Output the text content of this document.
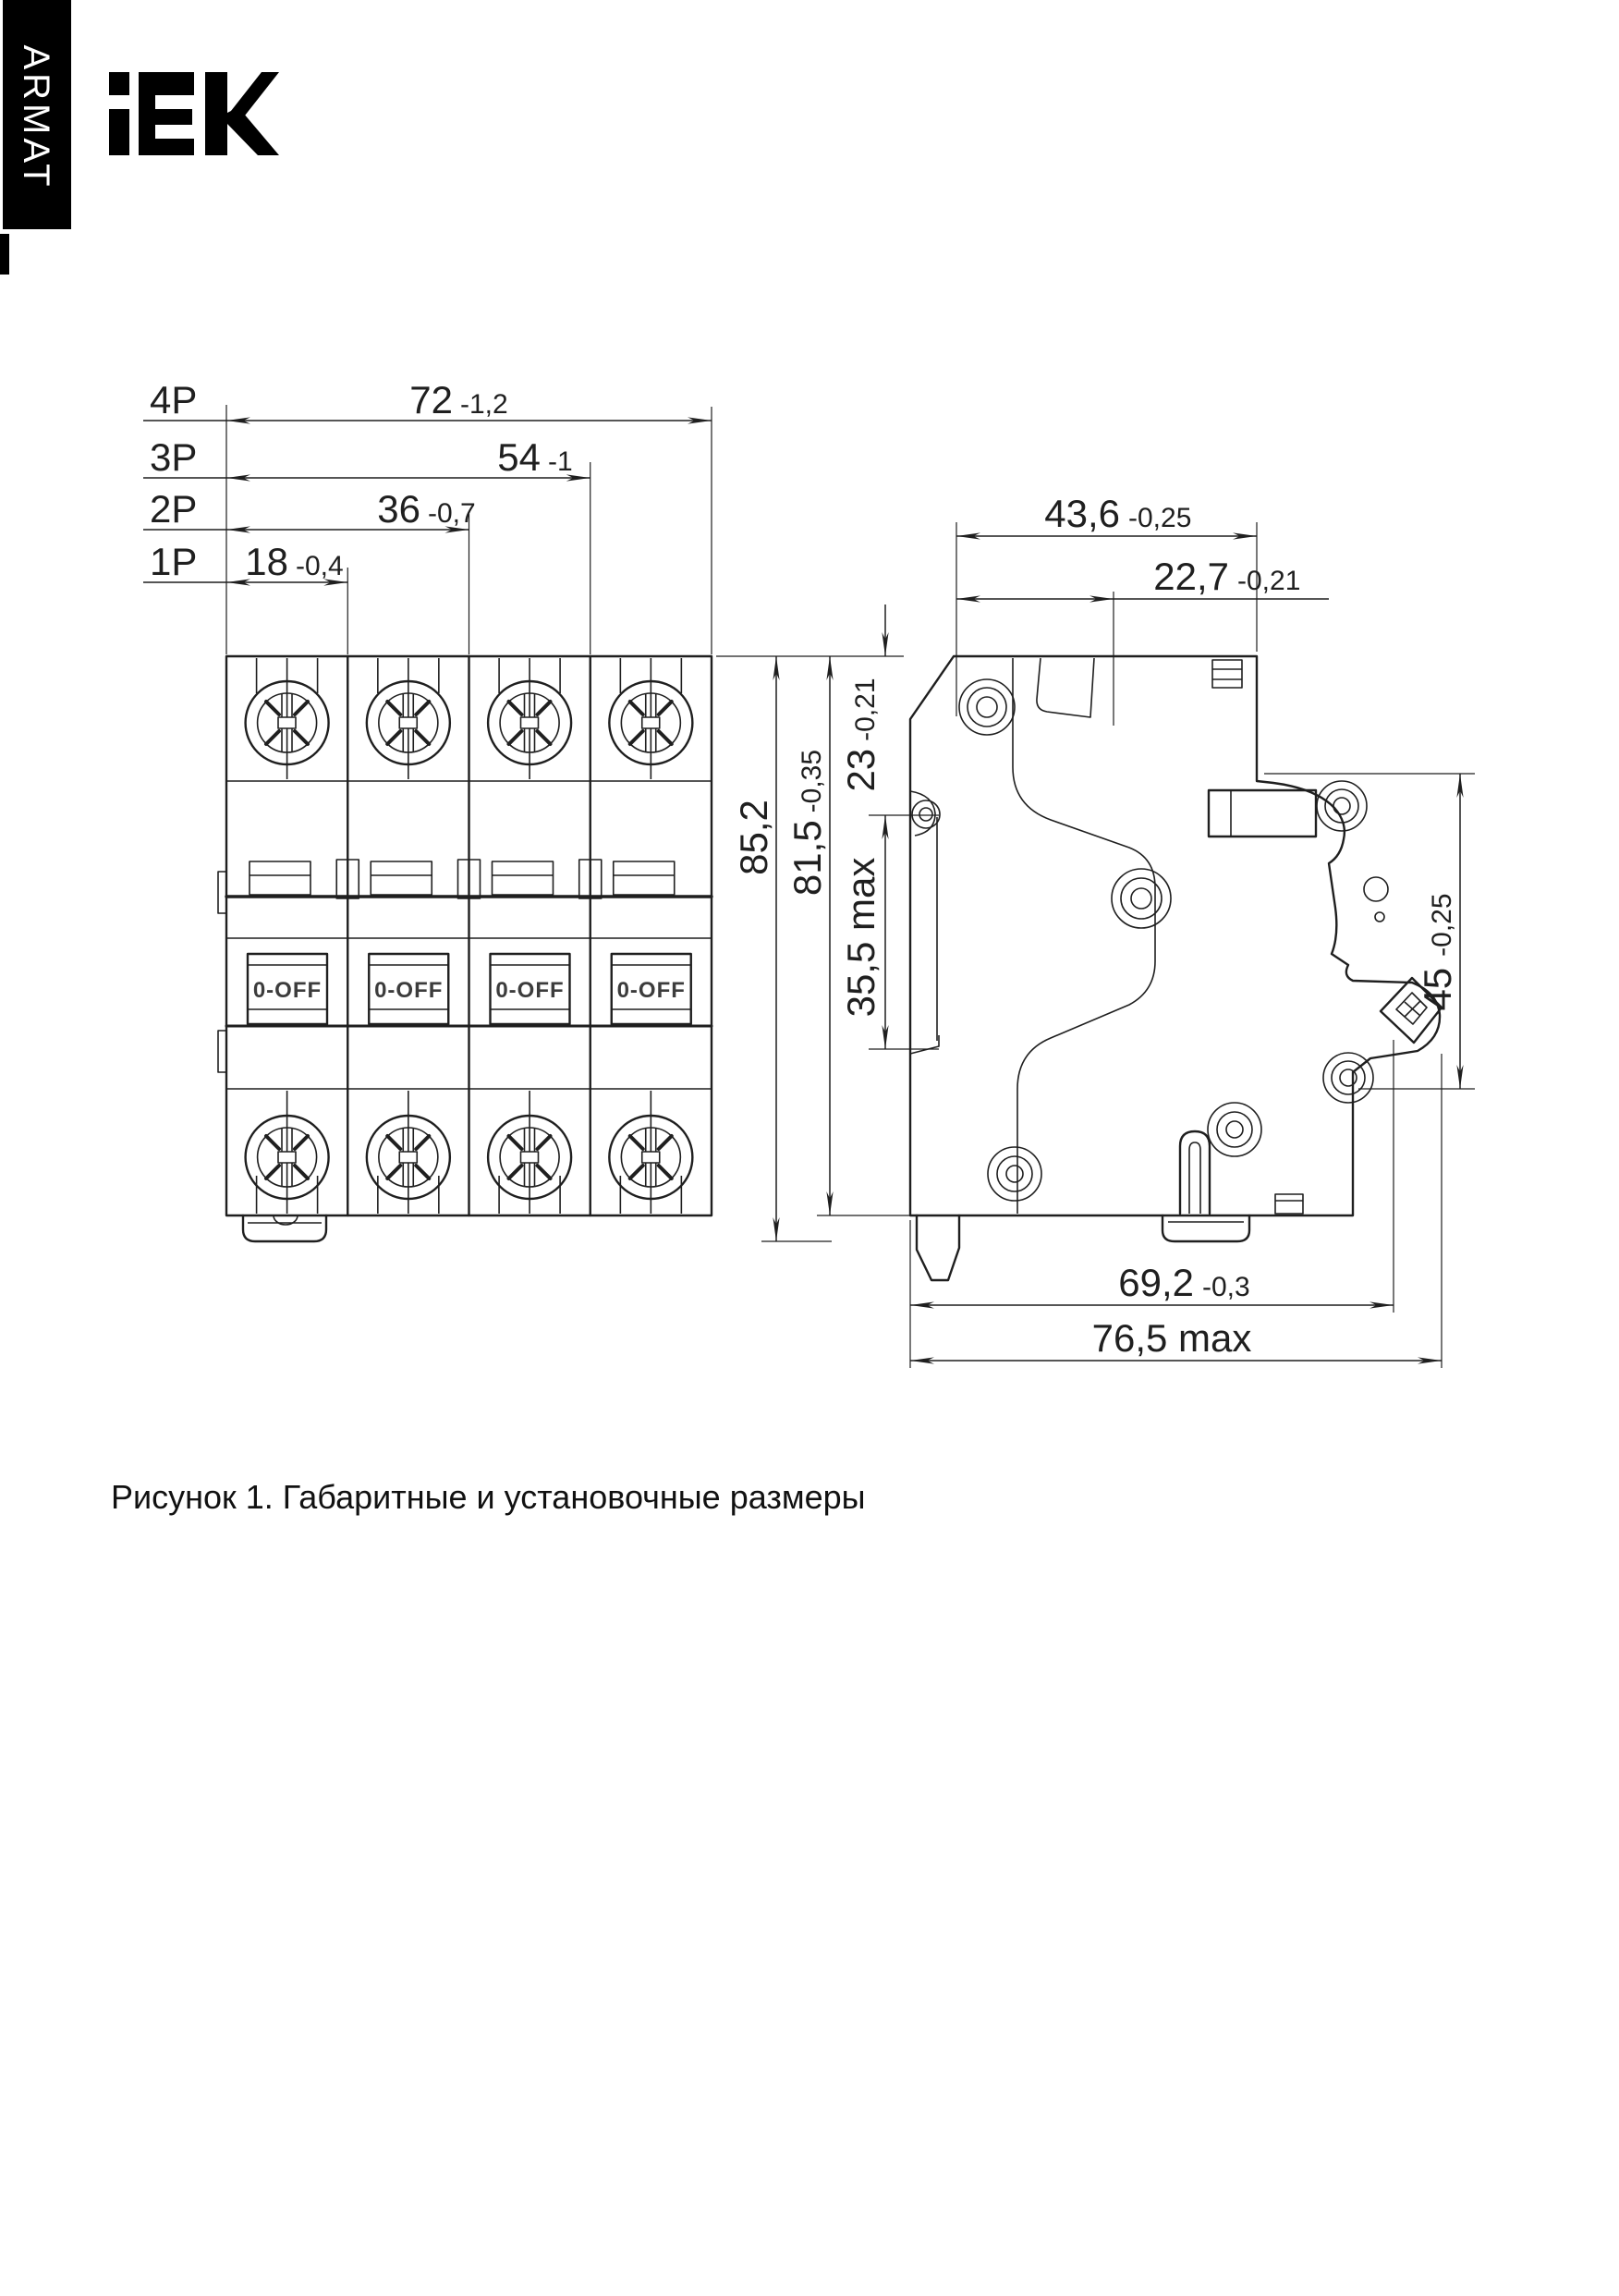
0-OFF
ARMAT
4P	72 -1,2
3P	54 -1
2P	36 -0,7
1P 18 -0,4
43,6 -0,25
22,7 -0,21
85,2 81,5-0,35 23-0,21
35,5 max	45-0,25
69,2 -0,3
76,5 max
Рисунок 1. Габаритные и установочные размеры
